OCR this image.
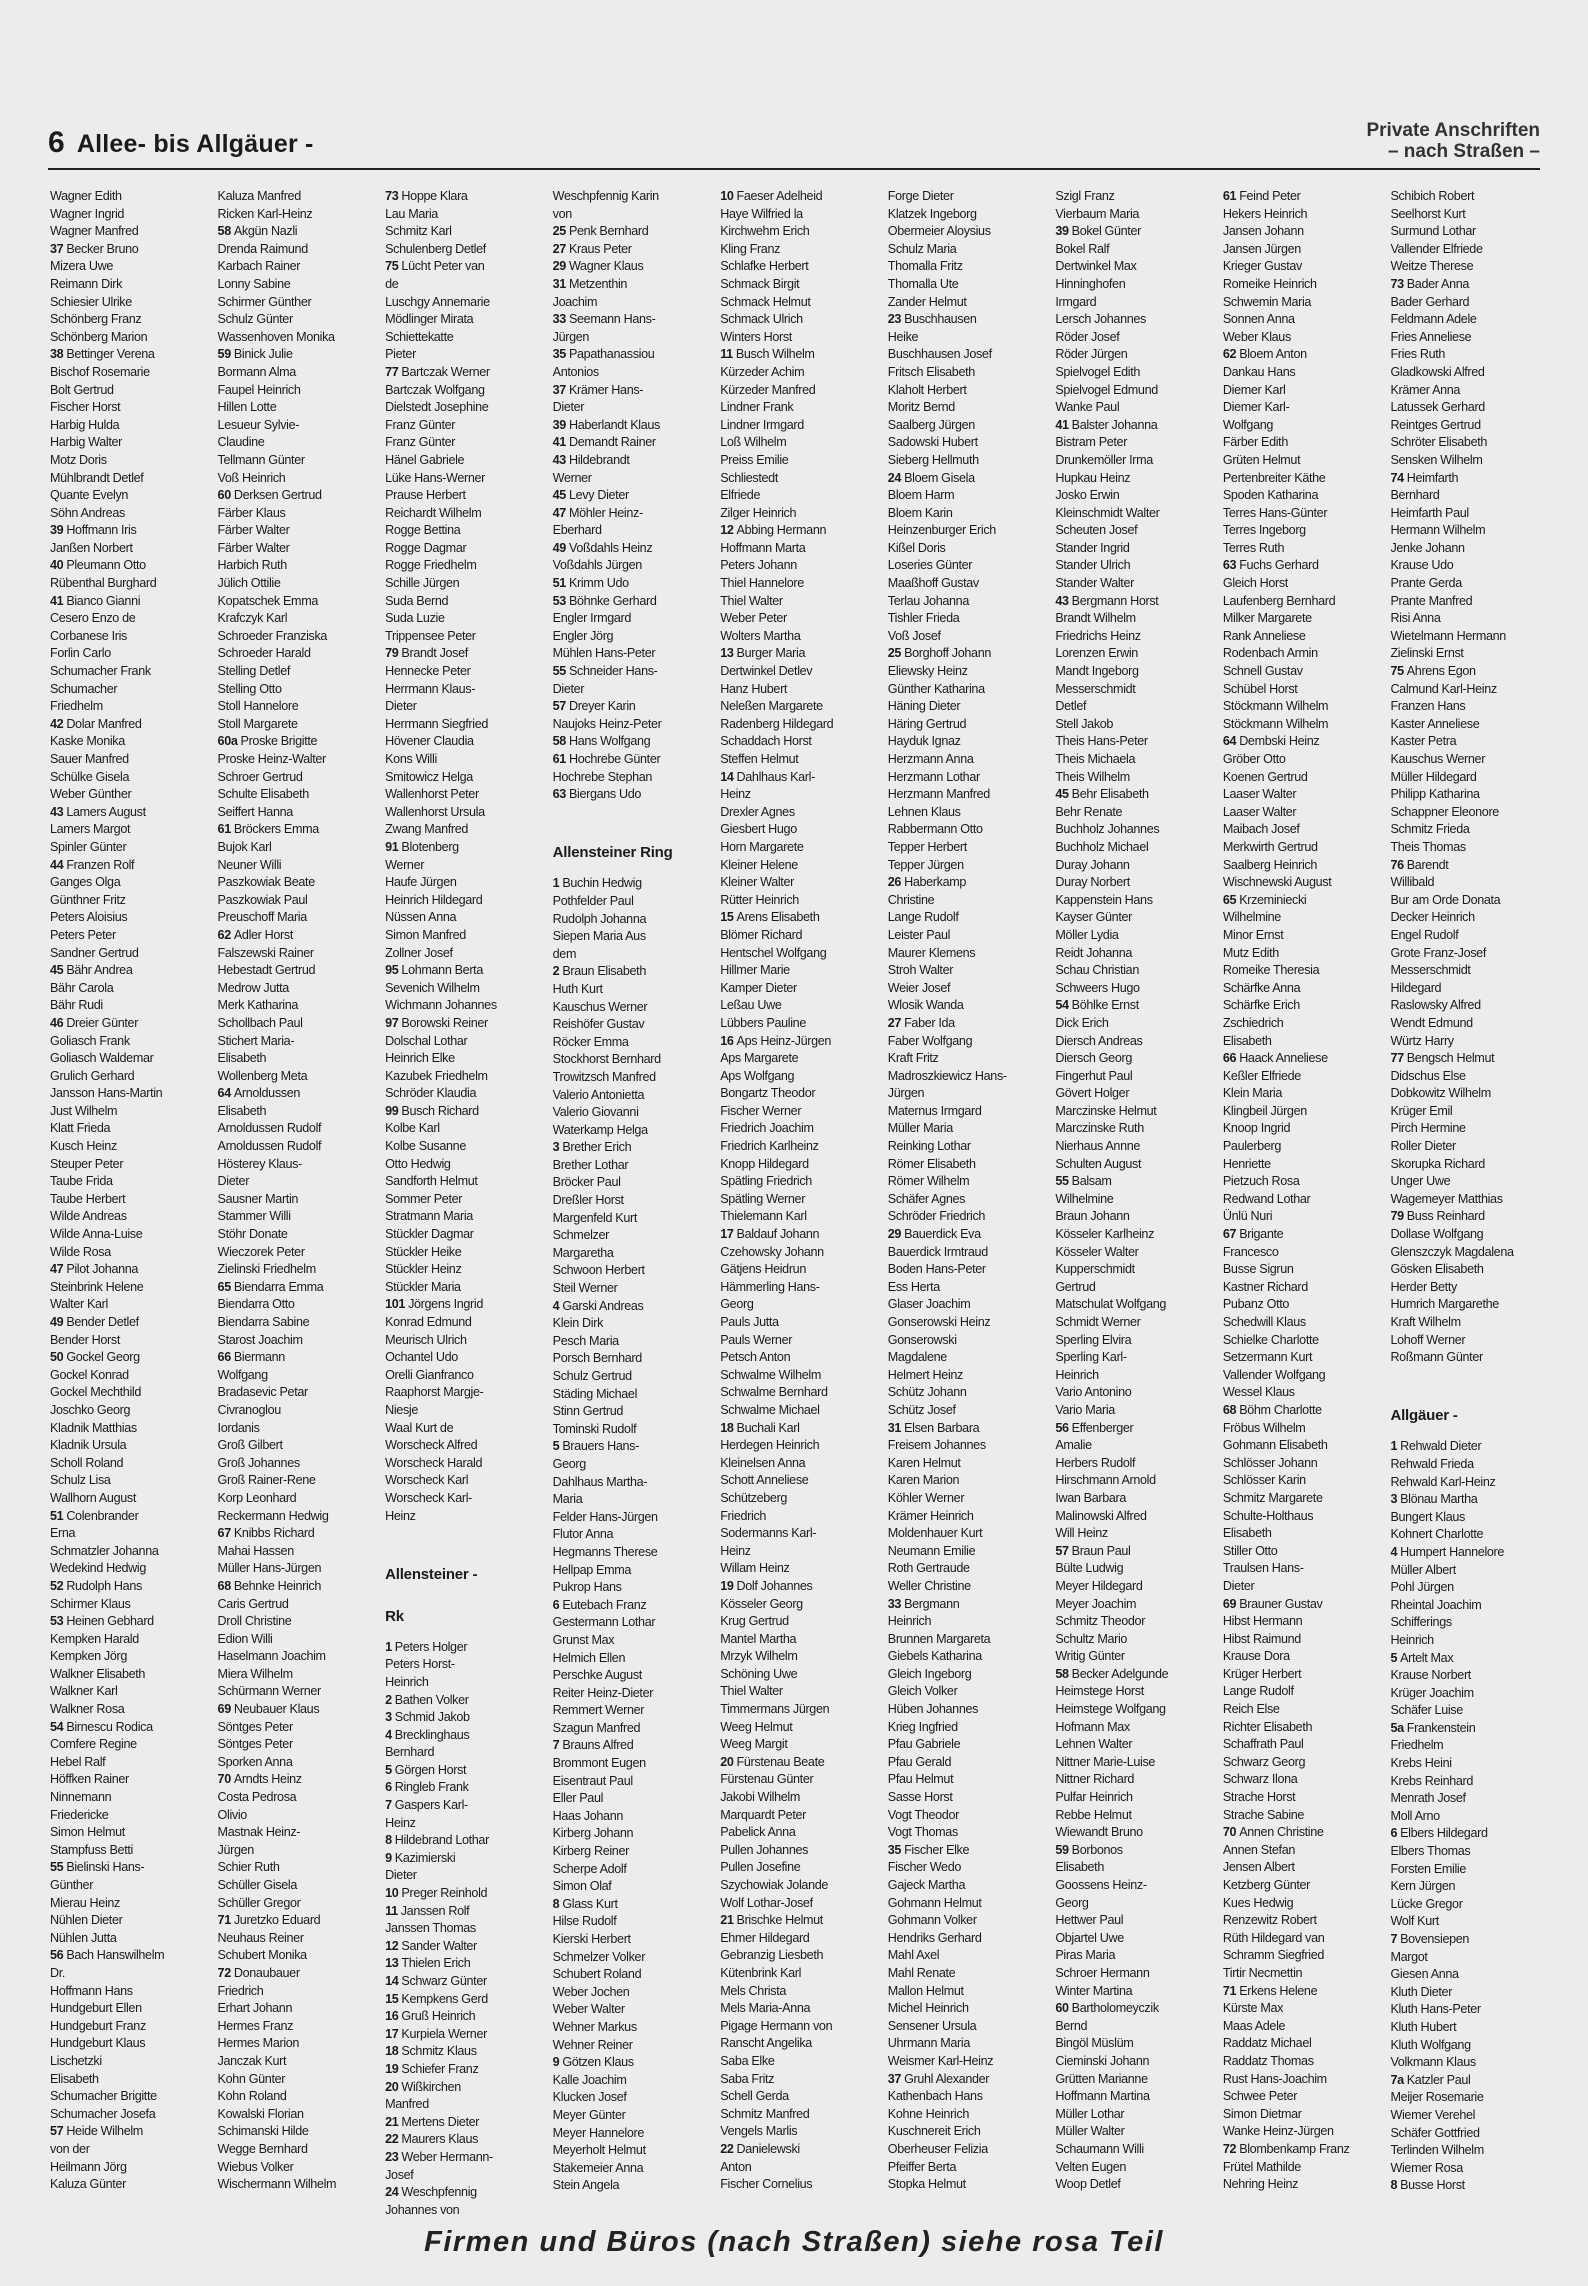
6 Allee- bis Allgäuer -	Private Anschriften
– nach Straßen –
Wagner Edith
Wagner Ingrid
Wagner Manfred
37 Becker Bruno
Mizera Uwe
Reimann Dirk
Schiesier Ulrike
Schönberg Franz
Schönberg Marion
38 Bettinger Verena
Bischof Rosemarie
Bolt Gertrud
Fischer Horst
Harbig Hulda
Harbig Walter
Motz Doris
Mühlbrandt Detlef
Quante Evelyn
Söhn Andreas
39 Hoffmann Iris
Janßen Norbert
40 Pleumann Otto
Rübenthal Burghard
41 Bianco Gianni
Cesero Enzo de
Corbanese Iris
Forlin Carlo
Schumacher Frank
Schumacher
Friedhelm
42 Dolar Manfred
Kaske Monika
Sauer Manfred
Schülke Gisela
Weber Günther
43 Lamers August
Lamers Margot
Spinler Günter
44 Franzen Rolf
Ganges Olga
Günthner Fritz
Peters Aloisius
Peters Peter
Sandner Gertrud
45 Bähr Andrea
Bähr Carola
Bähr Rudi
46 Dreier Günter
Goliasch Frank
Goliasch Waldemar
Grulich Gerhard
Jansson Hans-Martin
Just Wilhelm
Klatt Frieda
Kusch Heinz
Steuper Peter
Taube Frida
Taube Herbert
Wilde Andreas
Wilde Anna-Luise
Wilde Rosa
47 Pilot Johanna
Steinbrink Helene
Walter Karl
49 Bender Detlef
Bender Horst
50 Gockel Georg
Gockel Konrad
Gockel Mechthild
Joschko Georg
Kladnik Matthias
Kladnik Ursula
Scholl Roland
Schulz Lisa
Wallhorn August
51 Colenbrander
Erna
Schmatzler Johanna
Wedekind Hedwig
52 Rudolph Hans
Schirmer Klaus
53 Heinen Gebhard
Kempken Harald
Kempken Jörg
Walkner Elisabeth
Walkner Karl
Walkner Rosa
54 Birnescu Rodica
Comfere Regine
Hebel Ralf
Höffken Rainer
Ninnemann
Friedericke
Simon Helmut
Stampfuss Betti
55 Bielinski Hans-
Günther
Mierau Heinz
Nühlen Dieter
Nühlen Jutta
56 Bach Hanswilhelm
Dr.
Hoffmann Hans
Hundgeburt Ellen
Hundgeburt Franz
Hundgeburt Klaus
Lischetzki
Elisabeth
Schumacher Brigitte
Schumacher Josefa
57 Heide Wilhelm
von der
Heilmann Jörg
Kaluza Günter
Kaluza Manfred
Ricken Karl-Heinz
58 Akgün Nazli
Drenda Raimund
Karbach Rainer
Lonny Sabine
Schirmer Günther
Schulz Günter
Wassenhoven Monika
59 Binick Julie
Bormann Alma
Faupel Heinrich
Hillen Lotte
Lesueur Sylvie-
Claudine
Tellmann Günter
Voß Heinrich
60 Derksen Gertrud
Färber Klaus
Färber Walter
Färber Walter
Harbich Ruth
Jülich Ottilie
Kopatschek Emma
Krafczyk Karl
Schroeder Franziska
Schroeder Harald
Stelling Detlef
Stelling Otto
Stoll Hannelore
Stoll Margarete
60a Proske Brigitte
Proske Heinz-Walter
Schroer Gertrud
Schulte Elisabeth
Seiffert Hanna
61 Bröckers Emma
Bujok Karl
Neuner Willi
Paszkowiak Beate
Paszkowiak Paul
Preuschoff Maria
62 Adler Horst
Falszewski Rainer
Hebestadt Gertrud
Medrow Jutta
Merk Katharina
Schollbach Paul
Stichert Maria-
Elisabeth
Wollenberg Meta
64 Arnoldussen
Elisabeth
Arnoldussen Rudolf
Arnoldussen Rudolf
Hösterey Klaus-
Dieter
Sausner Martin
Stammer Willi
Stöhr Donate
Wieczorek Peter
Zielinski Friedhelm
65 Biendarra Emma
Biendarra Otto
Biendarra Sabine
Starost Joachim
66 Biermann
Wolfgang
Bradasevic Petar
Civranoglou
Iordanis
Groß Gilbert
Groß Johannes
Groß Rainer-Rene
Korp Leonhard
Reckermann Hedwig
67 Knibbs Richard
Mahai Hassen
Müller Hans-Jürgen
68 Behnke Heinrich
Caris Gertrud
Droll Christine
Edion Willi
Haselmann Joachim
Miera Wilhelm
Schürmann Werner
69 Neubauer Klaus
Söntges Peter
Söntges Peter
Sporken Anna
70 Arndts Heinz
Costa Pedrosa
Olivio
Mastnak Heinz-
Jürgen
Schier Ruth
Schüller Gisela
Schüller Gregor
71 Juretzko Eduard
Neuhaus Reiner
Schubert Monika
72 Donaubauer
Friedrich
Erhart Johann
Hermes Franz
Hermes Marion
Janczak Kurt
Kohn Günter
Kohn Roland
Kowalski Florian
Schimanski Hilde
Wegge Bernhard
Wiebus Volker
Wischermann Wilhelm
73 Hoppe Klara
Lau Maria
Schmitz Karl
Schulenberg Detlef
75 Lücht Peter van
de
Luschgy Annemarie
Mödlinger Mirata
Schiettekatte
Pieter
77 Bartczak Werner
Bartczak Wolfgang
Dielstedt Josephine
Franz Günter
Franz Günter
Hänel Gabriele
Lüke Hans-Werner
Prause Herbert
Reichardt Wilhelm
Rogge Bettina
Rogge Dagmar
Rogge Friedhelm
Schille Jürgen
Suda Bernd
Suda Luzie
Trippensee Peter
79 Brandt Josef
Hennecke Peter
Herrmann Klaus-
Dieter
Herrmann Siegfried
Hövener Claudia
Kons Willi
Smitowicz Helga
Wallenhorst Peter
Wallenhorst Ursula
Zwang Manfred
91 Blotenberg
Werner
Haufe Jürgen
Heinrich Hildegard
Nüssen Anna
Simon Manfred
Zollner Josef
95 Lohmann Berta
Sevenich Wilhelm
Wichmann Johannes
97 Borowski Reiner
Dolschal Lothar
Heinrich Elke
Kazubek Friedhelm
Schröder Klaudia
99 Busch Richard
Kolbe Karl
Kolbe Susanne
Otto Hedwig
Sandforth Helmut
Sommer Peter
Stratmann Maria
Stückler Dagmar
Stückler Heike
Stückler Heinz
Stückler Maria
101 Jörgens Ingrid
Konrad Edmund
Meurisch Ulrich
Ochantel Udo
Orelli Gianfranco
Raaphorst Margje-
Niesje
Waal Kurt de
Worscheck Alfred
Worscheck Harald
Worscheck Karl
Worscheck Karl-
Heinz

Allensteiner -
Rk
1 Peters Holger
Peters Horst-
Heinrich
2 Bathen Volker
3 Schmid Jakob
4 Brecklinghaus
Bernhard
5 Görgen Horst
6 Ringleb Frank
7 Gaspers Karl-
Heinz
8 Hildebrand Lothar
9 Kazimierski
Dieter
10 Preger Reinhold
11 Janssen Rolf
Janssen Thomas
12 Sander Walter
13 Thielen Erich
14 Schwarz Günter
15 Kempkens Gerd
16 Gruß Heinrich
17 Kurpiela Werner
18 Schmitz Klaus
19 Schiefer Franz
20 Wißkirchen
Manfred
21 Mertens Dieter
22 Maurers Klaus
23 Weber Hermann-
Josef
24 Weschpfennig
Johannes von
Weschpfennig Karin
von
25 Penk Bernhard
27 Kraus Peter
29 Wagner Klaus
31 Metzenthin
Joachim
33 Seemann Hans-
Jürgen
35 Papathanassiou
Antonios
37 Krämer Hans-
Dieter
39 Haberlandt Klaus
41 Demandt Rainer
43 Hildebrandt
Werner
45 Levy Dieter
47 Möhler Heinz-
Eberhard
49 Voßdahls Heinz
Voßdahls Jürgen
51 Krimm Udo
53 Böhnke Gerhard
Engler Irmgard
Engler Jörg
Mühlen Hans-Peter
55 Schneider Hans-
Dieter
57 Dreyer Karin
Naujoks Heinz-Peter
58 Hans Wolfgang
61 Hochrebe Günter
Hochrebe Stephan
63 Biergans Udo

Allensteiner Ring
1 Buchin Hedwig
Pothfelder Paul
Rudolph Johanna
Siepen Maria Aus
dem
2 Braun Elisabeth
Huth Kurt
Kauschus Werner
Reishöfer Gustav
Röcker Emma
Stockhorst Bernhard
Trowitzsch Manfred
Valerio Antonietta
Valerio Giovanni
Waterkamp Helga
3 Brether Erich
Brether Lothar
Bröcker Paul
Dreßler Horst
Margenfeld Kurt
Schmelzer
Margaretha
Schwoon Herbert
Steil Werner
4 Garski Andreas
Klein Dirk
Pesch Maria
Porsch Bernhard
Schulz Gertrud
Städing Michael
Stinn Gertrud
Tominski Rudolf
5 Brauers Hans-
Georg
Dahlhaus Martha-
Maria
Felder Hans-Jürgen
Flutor Anna
Hegmanns Therese
Hellpap Emma
Pukrop Hans
6 Eutebach Franz
Gestermann Lothar
Grunst Max
Helmich Ellen
Perschke August
Reiter Heinz-Dieter
Remmert Werner
Szagun Manfred
7 Brauns Alfred
Brommont Eugen
Eisentraut Paul
Eller Paul
Haas Johann
Kirberg Johann
Kirberg Reiner
Scherpe Adolf
Simon Olaf
8 Glass Kurt
Hilse Rudolf
Kierski Herbert
Schmelzer Volker
Schubert Roland
Weber Jochen
Weber Walter
Wehner Markus
Wehner Reiner
9 Götzen Klaus
Kalle Joachim
Klucken Josef
Meyer Günter
Meyer Hannelore
Meyerholt Helmut
Stakemeier Anna
Stein Angela
10 Faeser Adelheid
Haye Wilfried la
Kirchwehm Erich
Kling Franz
Schlafke Herbert
Schmack Birgit
Schmack Helmut
Schmack Ulrich
Winters Horst
11 Busch Wilhelm
Kürzeder Achim
Kürzeder Manfred
Lindner Frank
Lindner Irmgard
Loß Wilhelm
Preiss Emilie
Schliestedt
Elfriede
Zilger Heinrich
12 Abbing Hermann
Hoffmann Marta
Peters Johann
Thiel Hannelore
Thiel Walter
Weber Peter
Wolters Martha
13 Burger Maria
Dertwinkel Detlev
Hanz Hubert
Neleßen Margarete
Radenberg Hildegard
Schaddach Horst
Steffen Helmut
14 Dahlhaus Karl-
Heinz
Drexler Agnes
Giesbert Hugo
Horn Margarete
Kleiner Helene
Kleiner Walter
Rütter Heinrich
15 Arens Elisabeth
Blömer Richard
Hentschel Wolfgang
Hillmer Marie
Kamper Dieter
Leßau Uwe
Lübbers Pauline
16 Aps Heinz-Jürgen
Aps Margarete
Aps Wolfgang
Bongartz Theodor
Fischer Werner
Friedrich Joachim
Friedrich Karlheinz
Knopp Hildegard
Spätling Friedrich
Spätling Werner
Thielemann Karl
17 Baldauf Johann
Czehowsky Johann
Gätjens Heidrun
Hämmerling Hans-
Georg
Pauls Jutta
Pauls Werner
Petsch Anton
Schwalme Wilhelm
Schwalme Bernhard
Schwalme Michael
18 Buchali Karl
Herdegen Heinrich
Kleinelsen Anna
Schott Anneliese
Schützeberg
Friedrich
Sodermanns Karl-
Heinz
Willam Heinz
19 Dolf Johannes
Kösseler Georg
Krug Gertrud
Mantel Martha
Mrzyk Wilhelm
Schöning Uwe
Thiel Walter
Timmermans Jürgen
Weeg Helmut
Weeg Margit
20 Fürstenau Beate
Fürstenau Günter
Jakobi Wilhelm
Marquardt Peter
Pabelick Anna
Pullen Johannes
Pullen Josefine
Szychowiak Jolande
Wolf Lothar-Josef
21 Brischke Helmut
Ehmer Hildegard
Gebranzig Liesbeth
Kütenbrink Karl
Mels Christa
Mels Maria-Anna
Pigage Hermann von
Ranscht Angelika
Saba Elke
Saba Fritz
Schell Gerda
Schmitz Manfred
Vengels Marlis
22 Danielewski
Anton
Fischer Cornelius
Forge Dieter
Klatzek Ingeborg
Obermeier Aloysius
Schulz Maria
Thomalla Fritz
Thomalla Ute
Zander Helmut
23 Buschhausen
Heike
Buschhausen Josef
Fritsch Elisabeth
Klaholt Herbert
Moritz Bernd
Saalberg Jürgen
Sadowski Hubert
Sieberg Hellmuth
24 Bloem Gisela
Bloem Harm
Bloem Karin
Heinzenburger Erich
Kißel Doris
Loseries Günter
Maaßhoff Gustav
Terlau Johanna
Tishler Frieda
Voß Josef
25 Borghoff Johann
Eliewsky Heinz
Günther Katharina
Häning Dieter
Häring Gertrud
Hayduk Ignaz
Herzmann Anna
Herzmann Lothar
Herzmann Manfred
Lehnen Klaus
Rabbermann Otto
Tepper Herbert
Tepper Jürgen
26 Haberkamp
Christine
Lange Rudolf
Leister Paul
Maurer Klemens
Stroh Walter
Weier Josef
Wlosik Wanda
27 Faber Ida
Faber Wolfgang
Kraft Fritz
Madroszkiewicz Hans-
Jürgen
Maternus Irmgard
Müller Maria
Reinking Lothar
Römer Elisabeth
Römer Wilhelm
Schäfer Agnes
Schröder Friedrich
29 Bauerdick Eva
Bauerdick Irmtraud
Boden Hans-Peter
Ess Herta
Glaser Joachim
Gonserowski Heinz
Gonserowski
Magdalene
Helmert Heinz
Schütz Johann
Schütz Josef
31 Elsen Barbara
Freisem Johannes
Karen Helmut
Karen Marion
Köhler Werner
Krämer Heinrich
Moldenhauer Kurt
Neumann Emilie
Roth Gertraude
Weller Christine
33 Bergmann
Heinrich
Brunnen Margareta
Giebels Katharina
Gleich Ingeborg
Gleich Volker
Hüben Johannes
Krieg Ingfried
Pfau Gabriele
Pfau Gerald
Pfau Helmut
Sasse Horst
Vogt Theodor
Vogt Thomas
35 Fischer Elke
Fischer Wedo
Gajeck Martha
Gohmann Helmut
Gohmann Volker
Hendriks Gerhard
Mahl Axel
Mahl Renate
Mallon Helmut
Michel Heinrich
Sensener Ursula
Uhrmann Maria
Weismer Karl-Heinz
37 Gruhl Alexander
Kathenbach Hans
Kohne Heinrich
Kuschnereit Erich
Oberheuser Felizia
Pfeiffer Berta
Stopka Helmut
Szigl Franz
Vierbaum Maria
39 Bokel Günter
Bokel Ralf
Dertwinkel Max
Hinninghofen
Irmgard
Lersch Johannes
Röder Josef
Röder Jürgen
Spielvogel Edith
Spielvogel Edmund
Wanke Paul
41 Balster Johanna
Bistram Peter
Drunkemöller Irma
Hupkau Heinz
Josko Erwin
Kleinschmidt Walter
Scheuten Josef
Stander Ingrid
Stander Ulrich
Stander Walter
43 Bergmann Horst
Brandt Wilhelm
Friedrichs Heinz
Lorenzen Erwin
Mandt Ingeborg
Messerschmidt
Detlef
Stell Jakob
Theis Hans-Peter
Theis Michaela
Theis Wilhelm
45 Behr Elisabeth
Behr Renate
Buchholz Johannes
Buchholz Michael
Duray Johann
Duray Norbert
Kappenstein Hans
Kayser Günter
Möller Lydia
Reidt Johanna
Schau Christian
Schweers Hugo
54 Böhlke Ernst
Dick Erich
Diersch Andreas
Diersch Georg
Fingerhut Paul
Gövert Holger
Marczinske Helmut
Marczinske Ruth
Nierhaus Annne
Schulten August
55 Balsam
Wilhelmine
Braun Johann
Kösseler Karlheinz
Kösseler Walter
Kupperschmidt
Gertrud
Matschulat Wolfgang
Schmidt Werner
Sperling Elvira
Sperling Karl-
Heinrich
Vario Antonino
Vario Maria
56 Effenberger
Amalie
Herbers Rudolf
Hirschmann Arnold
Iwan Barbara
Malinowski Alfred
Will Heinz
57 Braun Paul
Bülte Ludwig
Meyer Hildegard
Meyer Joachim
Schmitz Theodor
Schultz Mario
Writig Günter
58 Becker Adelgunde
Heimstege Horst
Heimstege Wolfgang
Hofmann Max
Lehnen Walter
Nittner Marie-Luise
Nittner Richard
Pulfar Heinrich
Rebbe Helmut
Wiewandt Bruno
59 Borbonos
Elisabeth
Goossens Heinz-
Georg
Hettwer Paul
Objartel Uwe
Piras Maria
Schroer Hermann
Winter Martina
60 Bartholomeyczik
Bernd
Bingöl Müslüm
Cieminski Johann
Grütten Marianne
Hoffmann Martina
Müller Lothar
Müller Walter
Schaumann Willi
Velten Eugen
Woop Detlef
61 Feind Peter
Hekers Heinrich
Jansen Johann
Jansen Jürgen
Krieger Gustav
Romeike Heinrich
Schwemin Maria
Sonnen Anna
Weber Klaus
62 Bloem Anton
Dankau Hans
Diemer Karl
Diemer Karl-
Wolfgang
Färber Edith
Grüten Helmut
Pertenbreiter Käthe
Spoden Katharina
Terres Hans-Günter
Terres Ingeborg
Terres Ruth
63 Fuchs Gerhard
Gleich Horst
Laufenberg Bernhard
Milker Margarete
Rank Anneliese
Rodenbach Armin
Schnell Gustav
Schübel Horst
Stöckmann Wilhelm
Stöckmann Wilhelm
64 Dembski Heinz
Gröber Otto
Koenen Gertrud
Laaser Walter
Laaser Walter
Maibach Josef
Merkwirth Gertrud
Saalberg Heinrich
Wischnewski August
65 Krzeminiecki
Wilhelmine
Minor Ernst
Mutz Edith
Romeike Theresia
Schärfke Anna
Schärfke Erich
Zschiedrich
Elisabeth
66 Haack Anneliese
Keßler Elfriede
Klein Maria
Klingbeil Jürgen
Knoop Ingrid
Paulerberg
Henriette
Pietzuch Rosa
Redwand Lothar
Ünlü Nuri
67 Brigante
Francesco
Busse Sigrun
Kastner Richard
Pubanz Otto
Schedwill Klaus
Schielke Charlotte
Setzermann Kurt
Vallender Wolfgang
Wessel Klaus
68 Böhm Charlotte
Fröbus Wilhelm
Gohmann Elisabeth
Schlösser Johann
Schlösser Karin
Schmitz Margarete
Schulte-Holthaus
Elisabeth
Stiller Otto
Traulsen Hans-
Dieter
69 Brauner Gustav
Hibst Hermann
Hibst Raimund
Krause Dora
Krüger Herbert
Lange Rudolf
Reich Else
Richter Elisabeth
Schaffrath Paul
Schwarz Georg
Schwarz Ilona
Strache Horst
Strache Sabine
70 Annen Christine
Annen Stefan
Jensen Albert
Ketzberg Günter
Kues Hedwig
Renzewitz Robert
Rüth Hildegard van
Schramm Siegfried
Tirtir Necmettin
71 Erkens Helene
Kürste Max
Maas Adele
Raddatz Michael
Raddatz Thomas
Rust Hans-Joachim
Schwee Peter
Simon Dietmar
Wanke Heinz-Jürgen
72 Blombenkamp Franz
Frütel Mathilde
Nehring Heinz
Schibich Robert
Seelhorst Kurt
Surmund Lothar
Vallender Elfriede
Weitze Therese
73 Bader Anna
Bader Gerhard
Feldmann Adele
Fries Anneliese
Fries Ruth
Gladkowski Alfred
Krämer Anna
Latussek Gerhard
Reintges Gertrud
Schröter Elisabeth
Sensken Wilhelm
74 Heimfarth
Bernhard
Heimfarth Paul
Hermann Wilhelm
Jenke Johann
Krause Udo
Prante Gerda
Prante Manfred
Risi Anna
Wietelmann Hermann
Zielinski Ernst
75 Ahrens Egon
Calmund Karl-Heinz
Franzen Hans
Kaster Anneliese
Kaster Petra
Kauschus Werner
Müller Hildegard
Philipp Katharina
Schappner Eleonore
Schmitz Frieda
Theis Thomas
76 Barendt
Willibald
Bur am Orde Donata
Decker Heinrich
Engel Rudolf
Grote Franz-Josef
Messerschmidt
Hildegard
Raslowsky Alfred
Wendt Edmund
Würtz Harry
77 Bengsch Helmut
Didschus Else
Dobkowitz Wilhelm
Krüger Emil
Pirch Hermine
Roller Dieter
Skorupka Richard
Unger Uwe
Wagemeyer Matthias
79 Buss Reinhard
Dollase Wolfgang
Glenszczyk Magdalena
Gösken Elisabeth
Herder Betty
Humrich Margarethe
Kraft Wilhelm
Lohoff Werner
Roßmann Günter

Allgäuer -
1 Rehwald Dieter
Rehwald Frieda
Rehwald Karl-Heinz
3 Blönau Martha
Bungert Klaus
Kohnert Charlotte
4 Humpert Hannelore
Müller Albert
Pohl Jürgen
Rheintal Joachim
Schifferings
Heinrich
5 Artelt Max
Krause Norbert
Krüger Joachim
Schäfer Luise
5a Frankenstein
Friedhelm
Krebs Heini
Krebs Reinhard
Menrath Josef
Moll Arno
6 Elbers Hildegard
Elbers Thomas
Forsten Emilie
Kern Jürgen
Lücke Gregor
Wolf Kurt
7 Bovensiepen
Margot
Giesen Anna
Kluth Dieter
Kluth Hans-Peter
Kluth Hubert
Kluth Wolfgang
Volkmann Klaus
7a Katzler Paul
Meijer Rosemarie
Wiemer Verehel
Schäfer Gottfried
Terlinden Wilhelm
Wiemer Rosa
8 Busse Horst
Firmen und Büros (nach Straßen) siehe rosa Teil
